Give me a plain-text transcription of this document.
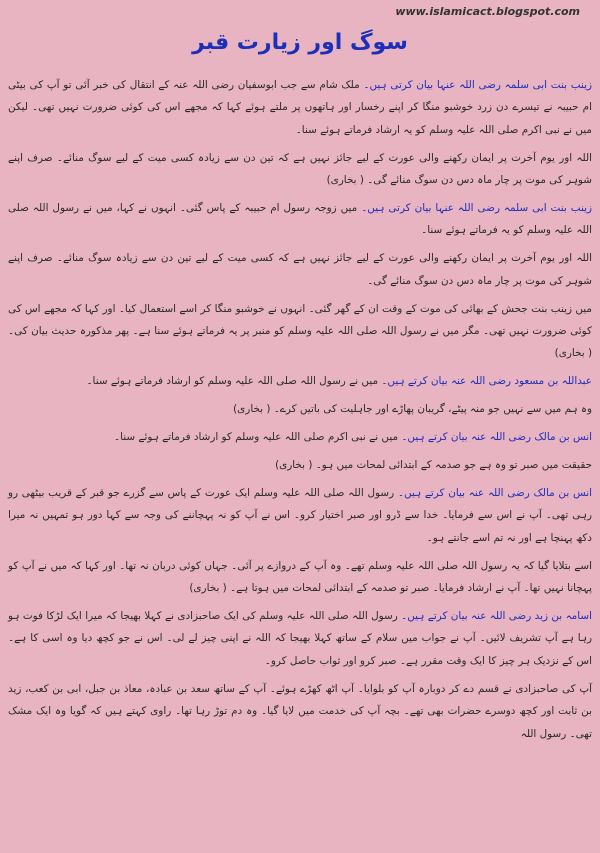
www.islamicact.blogspot.com
سوگ اور زیارت قبر

زینب بنت ابی سلمہ رضی اللہ عنہا بیان کرتی ہیں۔ ملک شام سے جب ابوسفیان رضی اللہ عنہ کے انتقال کی خبر آئی تو آپ کی بیٹی ام حبیبہ نے تیسرے دن زرد خوشبو منگا کر اپنے رخسار اور ہاتھوں پر ملتے ہوئے کہا کہ مجھے اس کی کوئی ضرورت نہیں تھی۔ لیکن میں نے نبی اکرم صلی اللہ علیہ وسلم کو یہ ارشاد فرماتے ہوئے سنا۔

اللہ اور یوم آخرت پر ایمان رکھنے والی عورت کے لیے جائز نہیں ہے کہ تین دن سے زیادہ کسی میت کے لیے سوگ منائے۔ صرف اپنے شوہر کی موت پر چار ماہ دس دن سوگ منائے گی۔ ( بخاری)

زینب بنت ابی سلمہ رضی اللہ عنہا بیان کرتی ہیں۔ میں زوجہ رسول ام حبیبہ کے پاس گئی۔ انہوں نے کہا، میں نے رسول اللہ صلی اللہ علیہ وسلم کو یہ فرماتے ہوئے سنا۔

اللہ اور یوم آخرت پر ایمان رکھنے والی عورت کے لیے جائز نہیں ہے کہ کسی میت کے لیے تین دن سے زیادہ سوگ منائے۔ صرف اپنے شوہر کی موت پر چار ماہ دس دن سوگ منائے گی۔

میں زینب بنت جحش کے بھائی کی موت کے وقت ان کے گھر گئی۔ انہوں نے خوشبو منگا کر اسے استعمال کیا۔ اور کہا کہ مجھے اس کی کوئی ضرورت نہیں تھی۔ مگر میں نے رسول اللہ صلی اللہ علیہ وسلم کو منبر پر یہ فرماتے ہوئے سنا ہے۔ پھر مذکورہ حدیث بیان کی۔ ( بخاری)

عبداللہ بن مسعود رضی اللہ عنہ بیان کرتے ہیں۔ میں نے رسول اللہ صلی اللہ علیہ وسلم کو ارشاد فرماتے ہوئے سنا۔

وہ ہم میں سے نہیں جو منہ پیٹے، گریبان پھاڑے اور جاہلیت کی باتیں کرے۔ ( بخاری)

انس بن مالک رضی اللہ عنہ بیان کرتے ہیں۔ میں نے نبی اکرم صلی اللہ علیہ وسلم کو ارشاد فرماتے ہوئے سنا۔

حقیقت میں صبر تو وہ ہے جو صدمہ کے ابتدائی لمحات میں ہو۔ ( بخاری)

انس بن مالک رضی اللہ عنہ بیان کرتے ہیں۔ رسول اللہ صلی اللہ علیہ وسلم ایک عورت کے پاس سے گزرے جو قبر کے قریب بیٹھی رو رہی تھی۔ آپ نے اس سے فرمایا۔ خدا سے ڈرو اور صبر اختیار کرو۔ اس نے آپ کو نہ پہچاننے کی وجہ سے کہا دور ہو تمہیں نہ میرا دکھ پہنچا ہے اور نہ تم اسے جانتے ہو۔

اسے بتلایا گیا کہ یہ رسول اللہ صلی اللہ علیہ وسلم تھے۔ وہ آپ کے دروازے پر آئی۔ جہاں کوئی دربان نہ تھا۔ اور کہا کہ میں نے آپ کو پہچانا نہیں تھا۔ آپ نے ارشاد فرمایا۔ صبر تو صدمہ کے ابتدائی لمحات میں ہوتا ہے۔ ( بخاری)

اسامہ بن زید رضی اللہ عنہ بیان کرتے ہیں۔ رسول اللہ صلی اللہ علیہ وسلم کی ایک صاحبزادی نے کہلا بھیجا کہ میرا ایک لڑکا فوت ہو رہا ہے آپ تشریف لائیں۔ آپ نے جواب میں سلام کے ساتھ کہلا بھیجا کہ اللہ نے اپنی چیز لے لی۔ اس نے جو کچھ دیا وہ اسی کا ہے۔ اس کے نزدیک ہر چیز کا ایک وقت مقرر ہے۔ صبر کرو اور ثواب حاصل کرو۔

آپ کی صاحبزادی نے قسم دے کر دوبارہ آپ کو بلوایا۔ آپ اٹھ کھڑے ہوئے۔ آپ کے ساتھ سعد بن عبادہ، معاذ بن جبل، ابی بن کعب، زید بن ثابت اور کچھ دوسرے حضرات بھی تھے۔ بچہ آپ کی خدمت میں لایا گیا۔ وہ دم توڑ رہا تھا۔ راوی کہتے ہیں کہ گویا وہ ایک مشک تھی۔ رسول اللہ
